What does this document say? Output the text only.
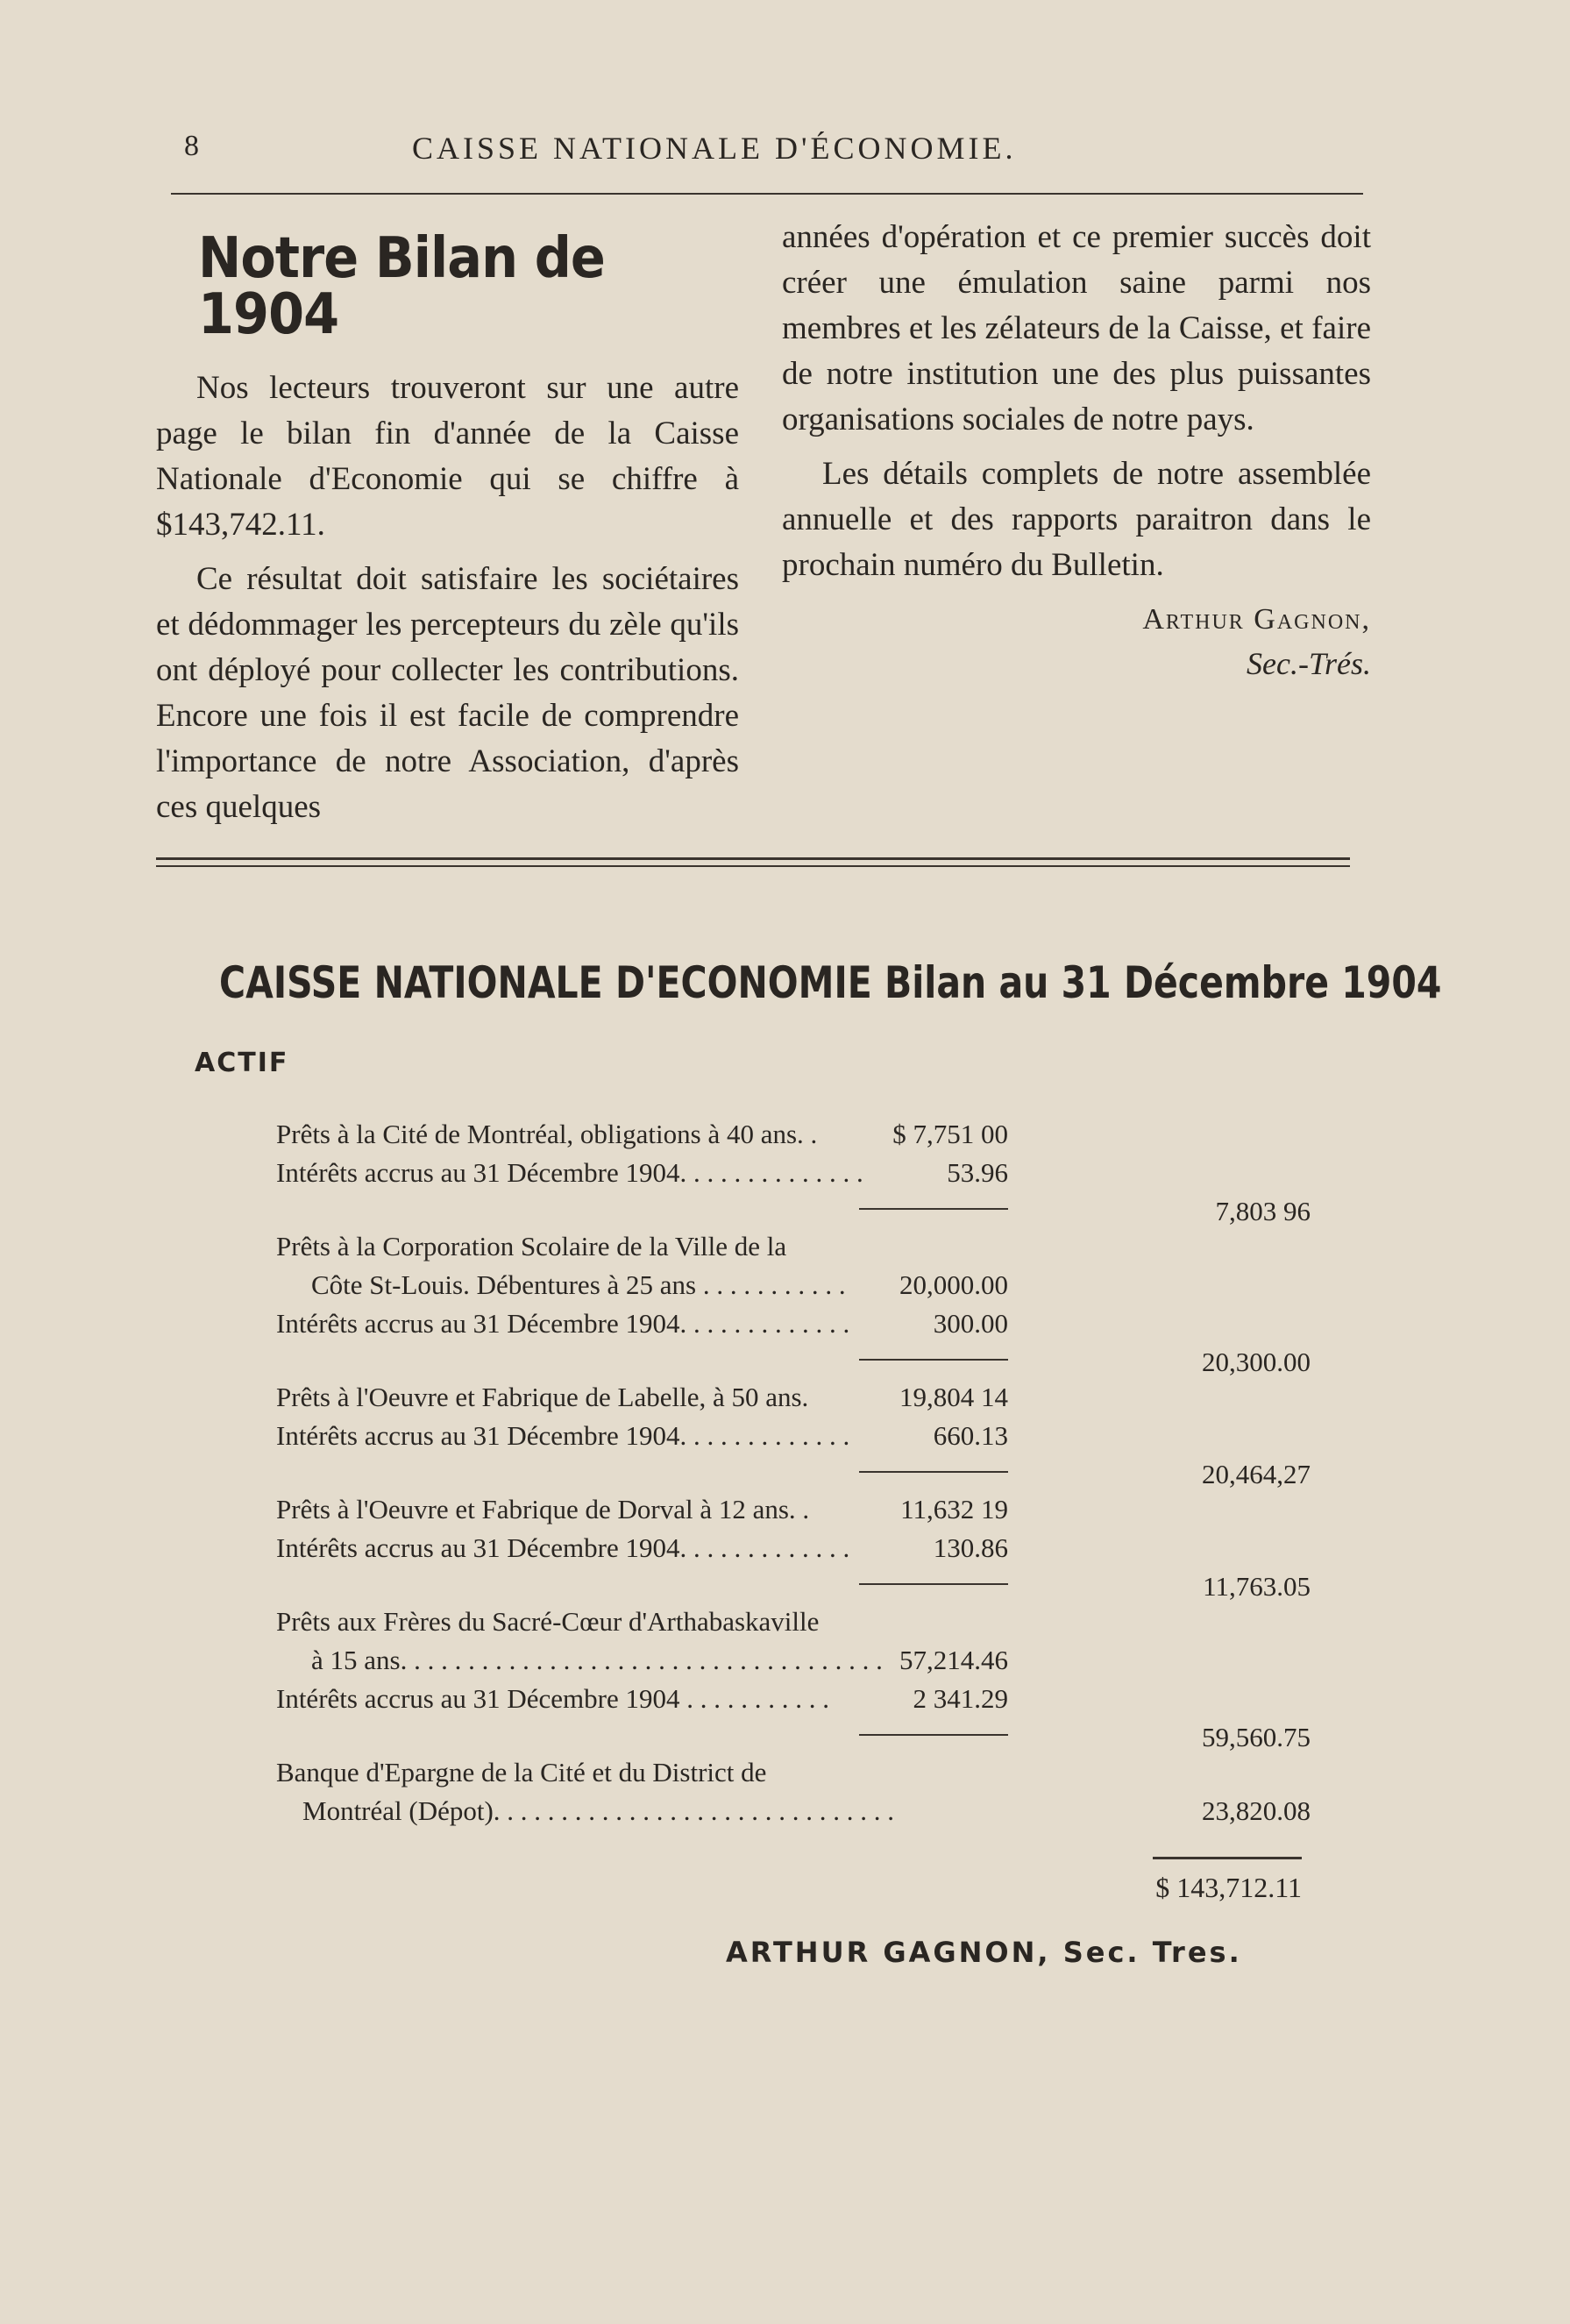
8	CAISSE NATIONALE D'ÉCONOMIE.
Notre Bilan de 1904

Nos lecteurs trouveront sur une autre page le bilan fin d'année de la Caisse Nationale d'Economie qui se chiffre à $143,742.11.

Ce résultat doit satisfaire les sociétaires et dédommager les percepteurs du zèle qu'ils ont déployé pour collecter les contributions. Encore une fois il est facile de comprendre l'importance de notre Association, d'après ces quelques

années d'opération et ce premier succès doit créer une émulation saine parmi nos membres et les zélateurs de la Caisse, et faire de notre institution une des plus puissantes organisations sociales de notre pays.

Les détails complets de notre assemblée annuelle et des rapports paraitron dans le prochain numéro du Bulletin.

Arthur Gagnon,
Sec.-Trés.
CAISSE NATIONALE D'ECONOMIE Bilan au 31 Décembre 1904
ACTIF
Prêts à la Cité de Montréal, obligations à 40 ans. .	$ 7,751 00
Intérêts accrus au 31 Décembre 1904. . . . . . . . . . . . . .	53.96
7,803 96
Prêts à la Corporation Scolaire de la Ville de la
Côte St-Louis. Débentures à 25 ans . . . . . . . . . . . 20,000.00
Intérêts accrus au 31 Décembre 1904. . . . . . . . . . . . .	300.00
20,300.00
Prêts à l'Oeuvre et Fabrique de Labelle, à 50 ans.	19,804 14
Intérêts accrus au 31 Décembre 1904. . . . . . . . . . . . .	660.13
20,464,27
Prêts à l'Oeuvre et Fabrique de Dorval à 12 ans. .	11,632 19
Intérêts accrus au 31 Décembre 1904. . . . . . . . . . . . .	130.86
11,763.05
Prêts aux Frères du Sacré-Cœur d'Arthabaskaville
à 15 ans. . . . . . . . . . . . . . . . . . . . . . . . . . . . . . . . . . . . 57,214.46
Intérêts accrus au 31 Décembre 1904 . . . . . . . . . . .	2 341.29
59,560.75
Banque d'Epargne de la Cité et du District de
Montréal (Dépot). . . . . . . . . . . . . . . . . . . . . . . . . . . . . .	23,820.08
$ 143,712.11
ARTHUR GAGNON, Sec. Tres.
